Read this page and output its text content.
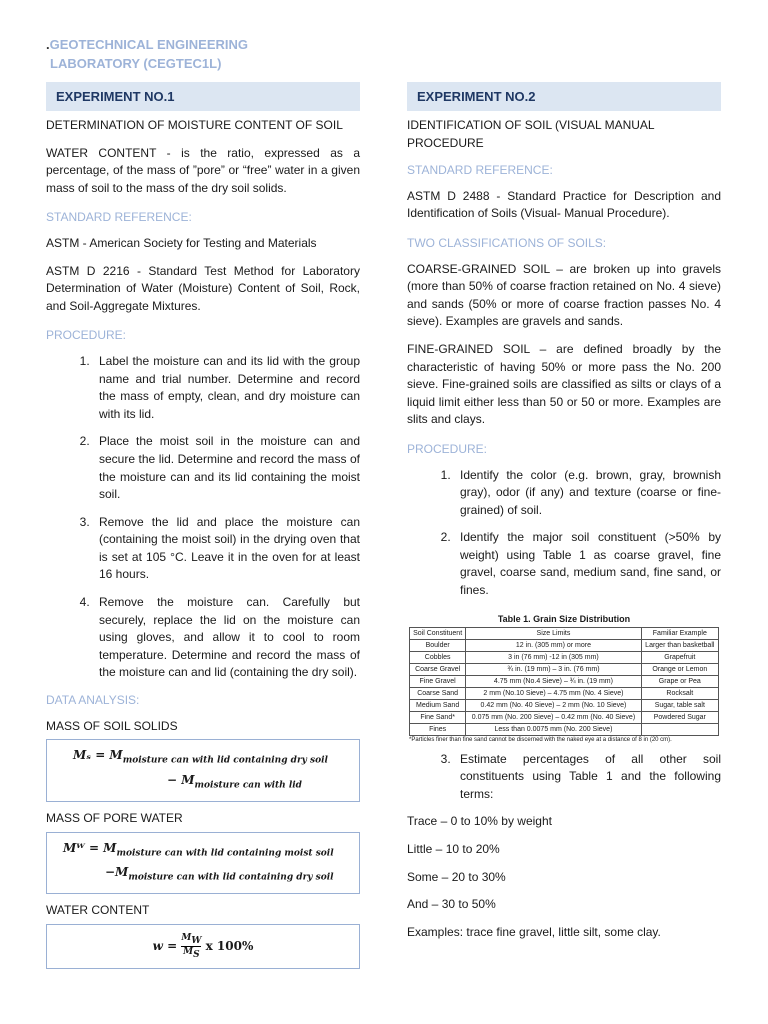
.GEOTECHNICAL ENGINEERING
LABORATORY (CEGTEC1L)
EXPERIMENT NO.1

DETERMINATION OF MOISTURE CONTENT OF SOIL

WATER CONTENT - is the ratio, expressed as a percentage, of the mass of ”pore” or “free” water in a given mass of soil to the mass of the dry soil solids.

STANDARD REFERENCE:

ASTM - American Society for Testing and Materials

ASTM D 2216 - Standard Test Method for Laboratory Determination of Water (Moisture) Content of Soil, Rock, and Soil-Aggregate Mixtures.

PROCEDURE:

1. Label the moisture can and its lid with the group name and trial number. Determine and record the mass of empty, clean, and dry moisture can with its lid.
2. Place the moist soil in the moisture can and secure the lid. Determine and record the mass of the moisture can and its lid containing the moist soil.
3. Remove the lid and place the moisture can (containing the moist soil) in the drying oven that is set at 105 °C. Leave it in the oven for at least 16 hours.
4. Remove the moisture can. Carefully but securely, replace the lid on the moisture can using gloves, and allow it to cool to room temperature. Determine and record the mass of the moisture can and lid (containing the dry soil).

DATA ANALYSIS:

MASS OF SOIL SOLIDS

$M_s = M_{moisture can with lid containing dry soil}$
− $M_{moisture can with lid}$

MASS OF PORE WATER

Mᵂ = $M_{moisture can with lid containing moist soil}$
$-M_{moisture can with lid containing dry soil}$

WATER CONTENT

$w = \frac{M_W}{M_S}$ x 100%
EXPERIMENT NO.2

IDENTIFICATION OF SOIL (VISUAL MANUAL PROCEDURE

STANDARD REFERENCE:

ASTM D 2488 - Standard Practice for Description and Identification of Soils (Visual- Manual Procedure).

TWO CLASSIFICATIONS OF SOILS:

COARSE-GRAINED SOIL – are broken up into gravels (more than 50% of coarse fraction retained on No. 4 sieve) and sands (50% or more of coarse fraction passes No. 4 sieve). Examples are gravels and sands.

FINE-GRAINED SOIL – are defined broadly by the characteristic of having 50% or more pass the No. 200 sieve. Fine-grained soils are classified as silts or clays of a liquid limit either less than 50 or 50 or more. Examples are slits and clays.

PROCEDURE:

1. Identify the color (e.g. brown, gray, brownish gray), odor (if any) and texture (coarse or fine-grained) of soil.
2. Identify the major soil constituent (>50% by weight) using Table 1 as coarse gravel, fine gravel, coarse sand, medium sand, fine sand, or fines.
Table 1. Grain Size Distribution
Soil Constituent	Size Limits	Familiar Example
Boulder	12 in. (305 mm) or more	Larger than basketball
Cobbles	3 in (76 mm) -12 in (305 mm)	Grapefruit
Coarse Gravel	¾ in. (19 mm) – 3 in. (76 mm)	Orange or Lemon
Fine Gravel	4.75 mm (No.4 Sieve) – ¾ in. (19 mm)	Grape or Pea
Coarse Sand	2 mm (No.10 Sieve) – 4.75 mm (No. 4 Sieve)	Rocksalt
Medium Sand	0.42 mm (No. 40 Sieve) – 2 mm (No. 10 Sieve)	Sugar, table salt
Fine Sand*	0.075 mm (No. 200 Sieve) – 0.42 mm (No. 40 Sieve)	Powdered Sugar
Fines	Less than 0.0075 mm (No. 200 Sieve)	
*Particles finer than fine sand cannot be discerned with the naked eye at a distance of 8 in (20 cm).
3. Estimate percentages of all other soil constituents using Table 1 and the following terms:

Trace – 0 to 10% by weight

Little – 10 to 20%

Some – 20 to 30%

And – 30 to 50%

Examples: trace fine gravel, little silt, some clay.
